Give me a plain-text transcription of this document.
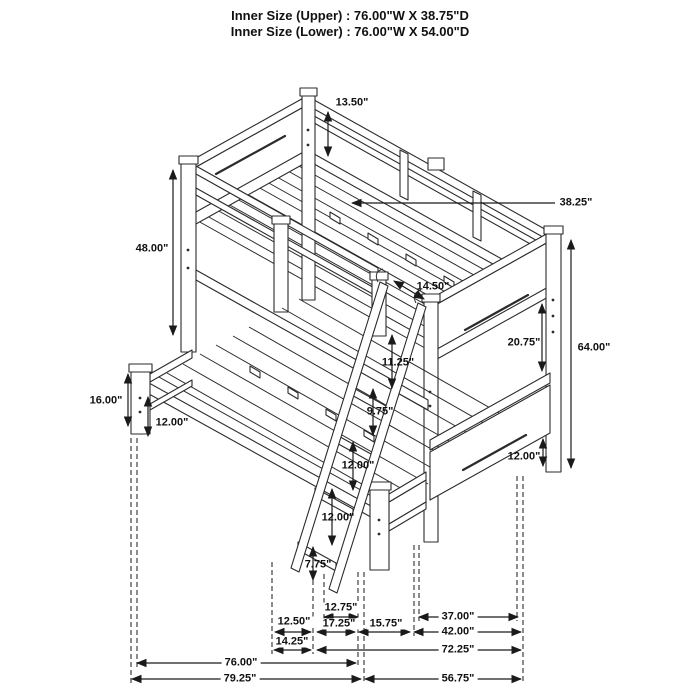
Inner Size (Upper) : 76.00"W X 38.75"D
Inner Size (Lower) : 76.00"W X 54.00"D
13.50"
38.25"
48.00"
14.50"
20.75"	64.00"
11.25"
16.00"
9.75"
12.00"
12.00"
12.00"
12.00"
7.75"
12.75"
37.00"
12.50" 17.25" 15.75"
42.00"
14.25"
72.25"
76.00"
79.25"	56.75"
